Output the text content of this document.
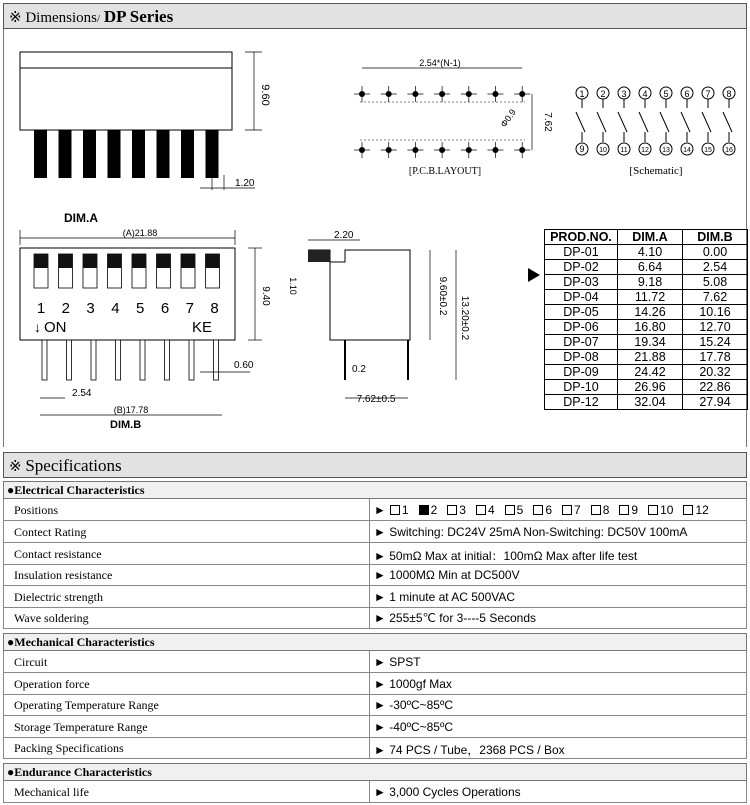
※ Dimensions/ DP Series
9.60
1.20
2.54*(N-1)
Φ0.9 7.62
[P.C.B.LAYOUT]
1
9
2
10
3
11
4
12
5
13
6
14
7
15
8
16
[Schematic]
DIM.A
(A)21.88
1 2 3 4 5 6 7 8
ON
↓	KE
9.40
0.60
2.54
(B)17.78
DIM.B
2.20
1.10	9.60±0.2 13.20±0.2
0.2
7.62±0.5
PROD.NO.	DIM.A	DIM.B
DP-01	4.10	0.00
DP-02	6.64	2.54
DP-03	9.18	5.08
DP-04	11.72	7.62
DP-05	14.26	10.16
DP-06	16.80	12.70
DP-07	19.34	15.24
DP-08	21.88	17.78
DP-09	24.42	20.32
DP-10	26.96	22.86
DP-12	32.04	27.94
※ Specifications
●Electrical Characteristics
Positions	► 1 2 3 4 5 6 7 8 9 10 12
Contect Rating	► Switching: DC24V 25mA Non-Switching: DC50V 100mA
Contact resistance	► 50mΩ Max at initial：100mΩ Max after life test
Insulation resistance	► 1000MΩ Min at DC500V
Dielectric strength	► 1 minute at AC 500VAC
Wave soldering	► 255±5℃ for 3----5 Seconds
●Mechanical Characteristics
Circuit	► SPST
Operation force	► 1000gf Max
Operating Temperature Range	► -30ºC~85ºC
Storage Temperature Range	► -40ºC~85ºC
Packing Specifications	► 74 PCS / Tube，2368 PCS / Box
●Endurance Characteristics
Mechanical life	► 3,000 Cycles Operations
